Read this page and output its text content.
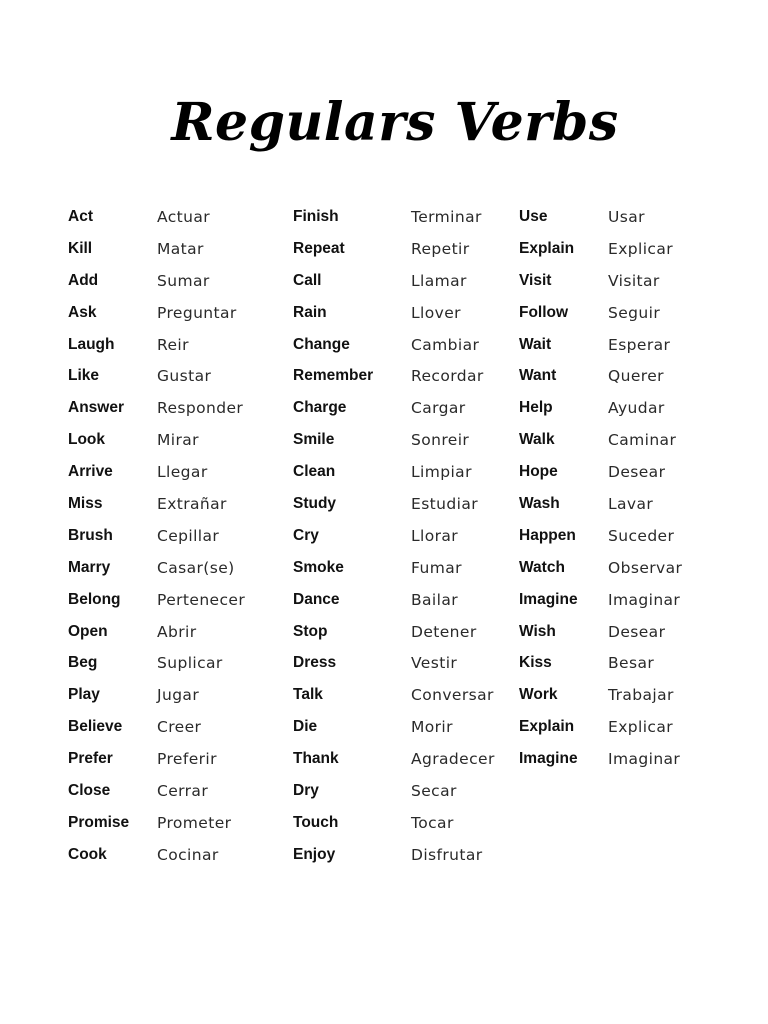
Regulars Verbs
Act	Actuar
Kill	Matar
Add	Sumar
Ask	Preguntar
Laugh	Reir
Like	Gustar
Answer Responder
Look	Mirar
Arrive	Llegar
Miss	Extrañar
Brush	Cepillar
Marry	Casar(se)
Belong Pertenecer
Open	Abrir
Beg	Suplicar
Play	Jugar
Believe Creer
Prefer	Preferir
Close	Cerrar
Promise Prometer
Cook	Cocinar
Finish	Terminar
Repeat	Repetir
Call	Llamar
Rain	Llover
Change	Cambiar
Remember Recordar
Charge	Cargar
Smile	Sonreir
Clean	Limpiar
Study	Estudiar
Cry	Llorar
Smoke	Fumar
Dance	Bailar
Stop	Detener
Dress	Vestir
Talk	Conversar
Die	Morir
Thank	Agradecer
Dry	Secar
Touch	Tocar
Enjoy	Disfrutar
Use	Usar
Explain Explicar
Visit	Visitar
Follow	Seguir
Wait	Esperar
Want	Querer
Help	Ayudar
Walk	Caminar
Hope	Desear
Wash	Lavar
Happen Suceder
Watch	Observar
Imagine Imaginar
Wish	Desear
Kiss	Besar
Work	Trabajar
Explain Explicar
Imagine Imaginar
